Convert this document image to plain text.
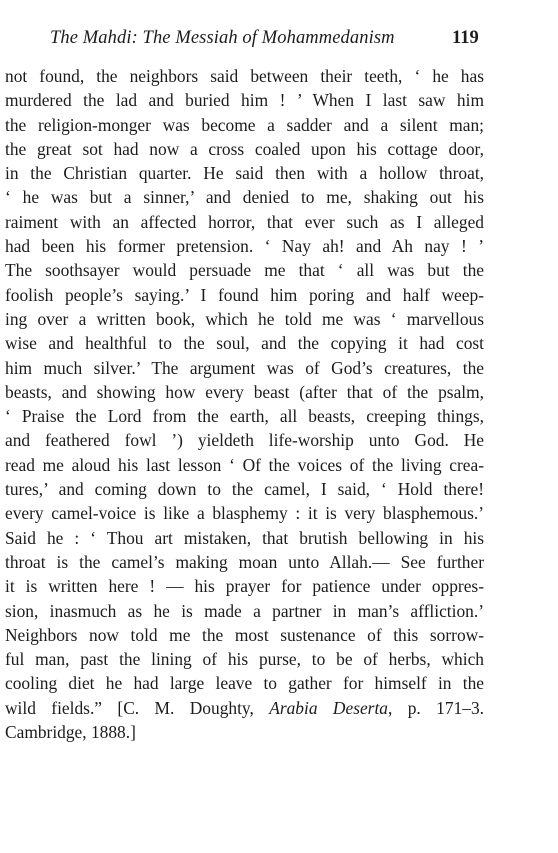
The Mahdi: The Messiah of Mohammedanism	119
not found, the neighbors said between their teeth, ‘ he has
murdered the lad and buried him ! ’ When I last saw him
the religion-monger was become a sadder and a silent man;
the great sot had now a cross coaled upon his cottage door,
in the Christian quarter. He said then with a hollow throat,
‘ he was but a sinner,’ and denied to me, shaking out his
raiment with an affected horror, that ever such as I alleged
had been his former pretension. ‘ Nay ah! and Ah nay ! ’
The soothsayer would persuade me that ‘ all was but the
foolish people’s saying.’ I found him poring and half weep-
ing over a written book, which he told me was ‘ marvellous
wise and healthful to the soul, and the copying it had cost
him much silver.’ The argument was of God’s creatures, the
beasts, and showing how every beast (after that of the psalm,
‘ Praise the Lord from the earth, all beasts, creeping things,
and feathered fowl ’) yieldeth life-worship unto God. He
read me aloud his last lesson ‘ Of the voices of the living crea-
tures,’ and coming down to the camel, I said, ‘ Hold there!
every camel-voice is like a blasphemy : it is very blasphemous.’
Said he : ‘ Thou art mistaken, that brutish bellowing in his
throat is the camel’s making moan unto Allah.— See further
it is written here ! — his prayer for patience under oppres-
sion, inasmuch as he is made a partner in man’s affliction.’
Neighbors now told me the most sustenance of this sorrow-
ful man, past the lining of his purse, to be of herbs, which
cooling diet he had large leave to gather for himself in the
wild fields.” [C. M. Doughty, Arabia Deserta, p. 171–3.
Cambridge, 1888.]
